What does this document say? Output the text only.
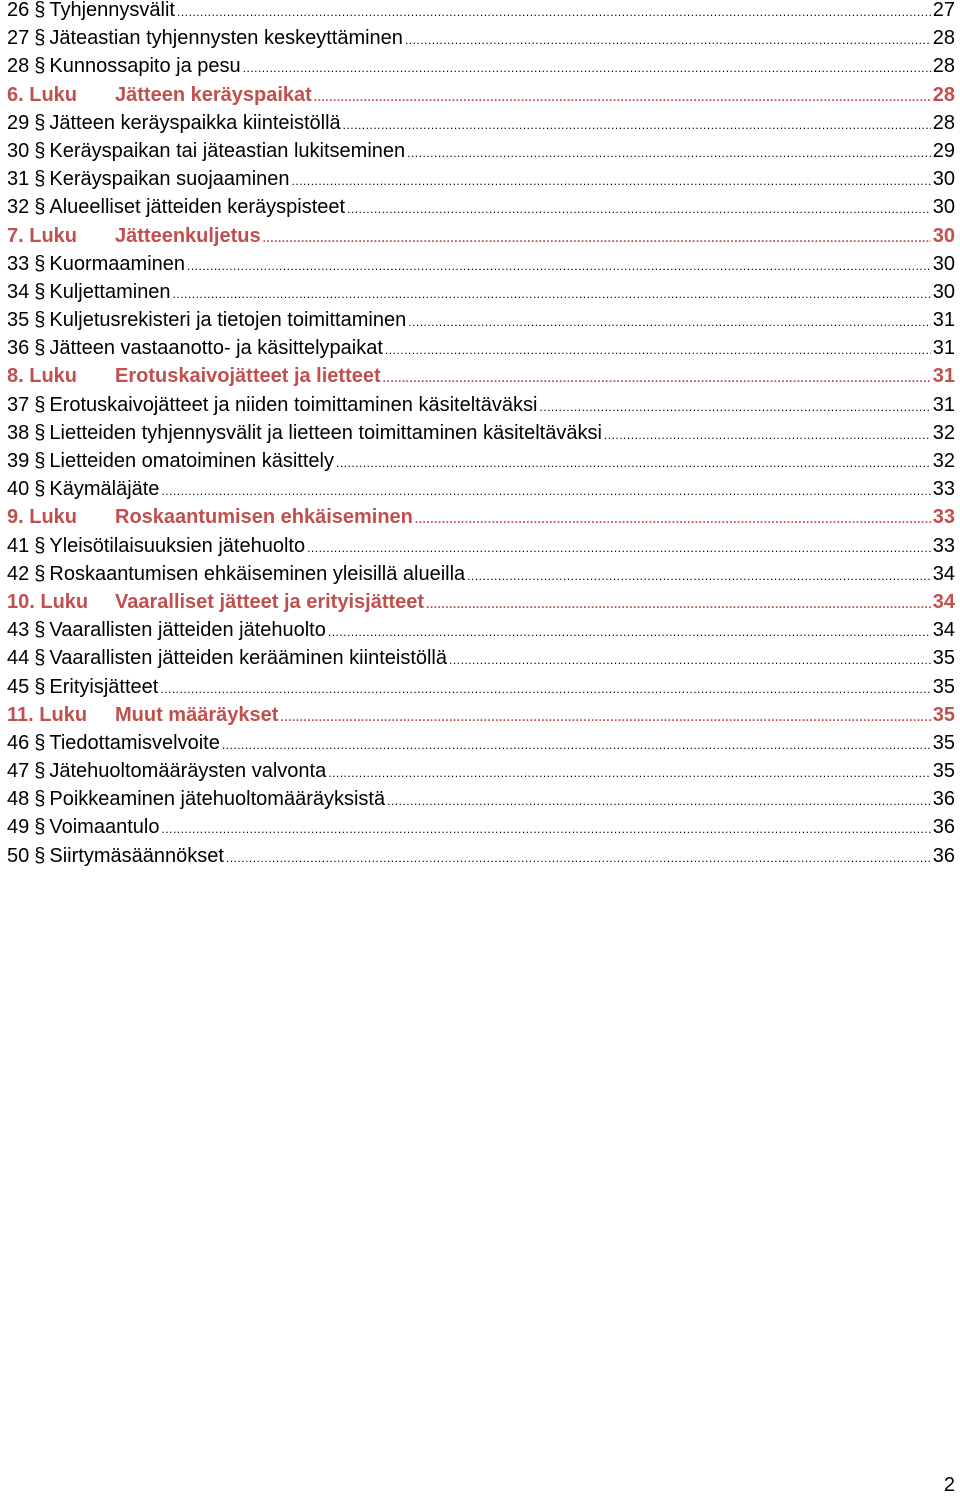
26 § Tyhjennysvälit .....	27
27 § Jäteastian tyhjennysten keskeyttäminen .....	28
28 § Kunnossapito ja pesu .....	28
6. Luku	Jätteen keräyspaikat .....	28
29 § Jätteen keräyspaikka kiinteistöllä .....	28
30 § Keräyspaikan tai jäteastian lukitseminen .....	29
31 § Keräyspaikan suojaaminen .....	30
32 § Alueelliset jätteiden keräyspisteet .....	30
7. Luku	Jätteenkuljetus .....	30
33 § Kuormaaminen .....	30
34 § Kuljettaminen .....	30
35 § Kuljetusrekisteri ja tietojen toimittaminen .....	31
36 § Jätteen vastaanotto- ja käsittelypaikat .....	31
8. Luku	Erotuskaivojätteet ja lietteet .....	31
37 § Erotuskaivojätteet ja niiden toimittaminen käsiteltäväksi .....	31
38 § Lietteiden tyhjennysvälit ja lietteen toimittaminen käsiteltäväksi .....	32
39 § Lietteiden omatoiminen käsittely .....	32
40 § Käymäläjäte .....	33
9. Luku	Roskaantumisen ehkäiseminen .....	33
41 § Yleisötilaisuuksien jätehuolto .....	33
42 § Roskaantumisen ehkäiseminen yleisillä alueilla .....	34
10. Luku	Vaaralliset jätteet ja erityisjätteet .....	34
43 § Vaarallisten jätteiden jätehuolto .....	34
44 § Vaarallisten jätteiden kerääminen kiinteistöllä .....	35
45 § Erityisjätteet .....	35
11. Luku	Muut määräykset .....	35
46 § Tiedottamisvelvoite .....	35
47 § Jätehuoltomääräysten valvonta .....	35
48 § Poikkeaminen jätehuoltomääräyksistä .....	36
49 § Voimaantulo .....	36
50 § Siirtymäsäännökset .....	36
2
